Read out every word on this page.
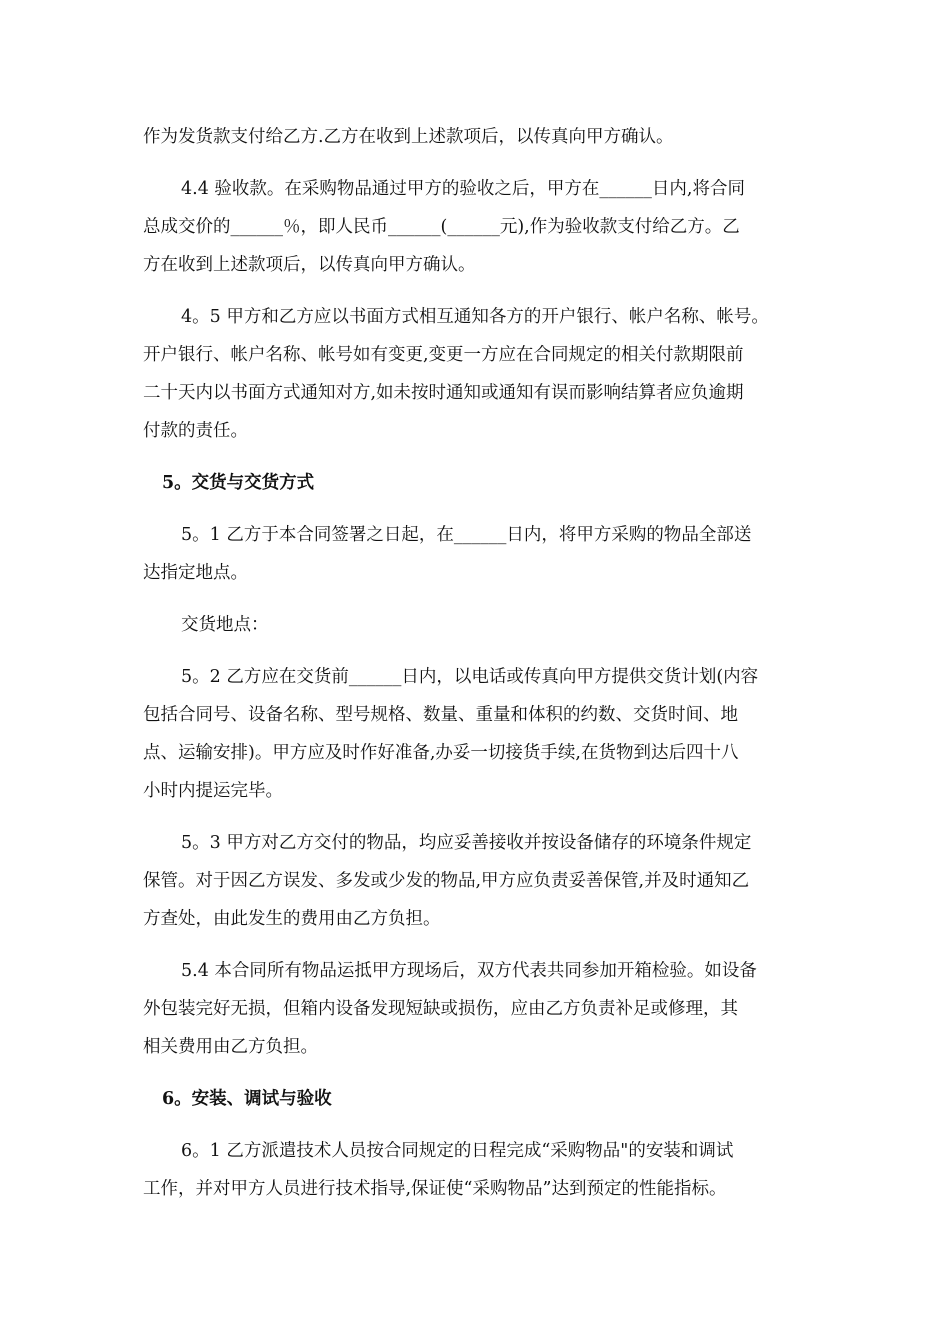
作为发货款支付给乙方.乙方在收到上述款项后，以传真向甲方确认。
4.4 验收款。在采购物品通过甲方的验收之后，甲方在______日内,将合同
总成交价的______％，即人民币______(______元),作为验收款支付给乙方。乙
方在收到上述款项后，以传真向甲方确认。
4。5 甲方和乙方应以书面方式相互通知各方的开户银行、帐户名称、帐号。
开户银行、帐户名称、帐号如有变更,变更一方应在合同规定的相关付款期限前
二十天内以书面方式通知对方,如未按时通知或通知有误而影响结算者应负逾期
付款的责任。
5。交货与交货方式
5。1 乙方于本合同签署之日起，在______日内，将甲方采购的物品全部送
达指定地点。
交货地点：
5。2 乙方应在交货前______日内，以电话或传真向甲方提供交货计划(内容
包括合同号、设备名称、型号规格、数量、重量和体积的约数、交货时间、地
点、运输安排)。甲方应及时作好准备,办妥一切接货手续,在货物到达后四十八
小时内提运完毕。
5。3 甲方对乙方交付的物品，均应妥善接收并按设备储存的环境条件规定
保管。对于因乙方误发、多发或少发的物品,甲方应负责妥善保管,并及时通知乙
方查处，由此发生的费用由乙方负担。
5.4 本合同所有物品运抵甲方现场后，双方代表共同参加开箱检验。如设备
外包装完好无损，但箱内设备发现短缺或损伤，应由乙方负责补足或修理，其
相关费用由乙方负担。
6。安装、调试与验收
6。1 乙方派遣技术人员按合同规定的日程完成“采购物品"的安装和调试
工作，并对甲方人员进行技术指导,保证使“采购物品”达到预定的性能指标。
